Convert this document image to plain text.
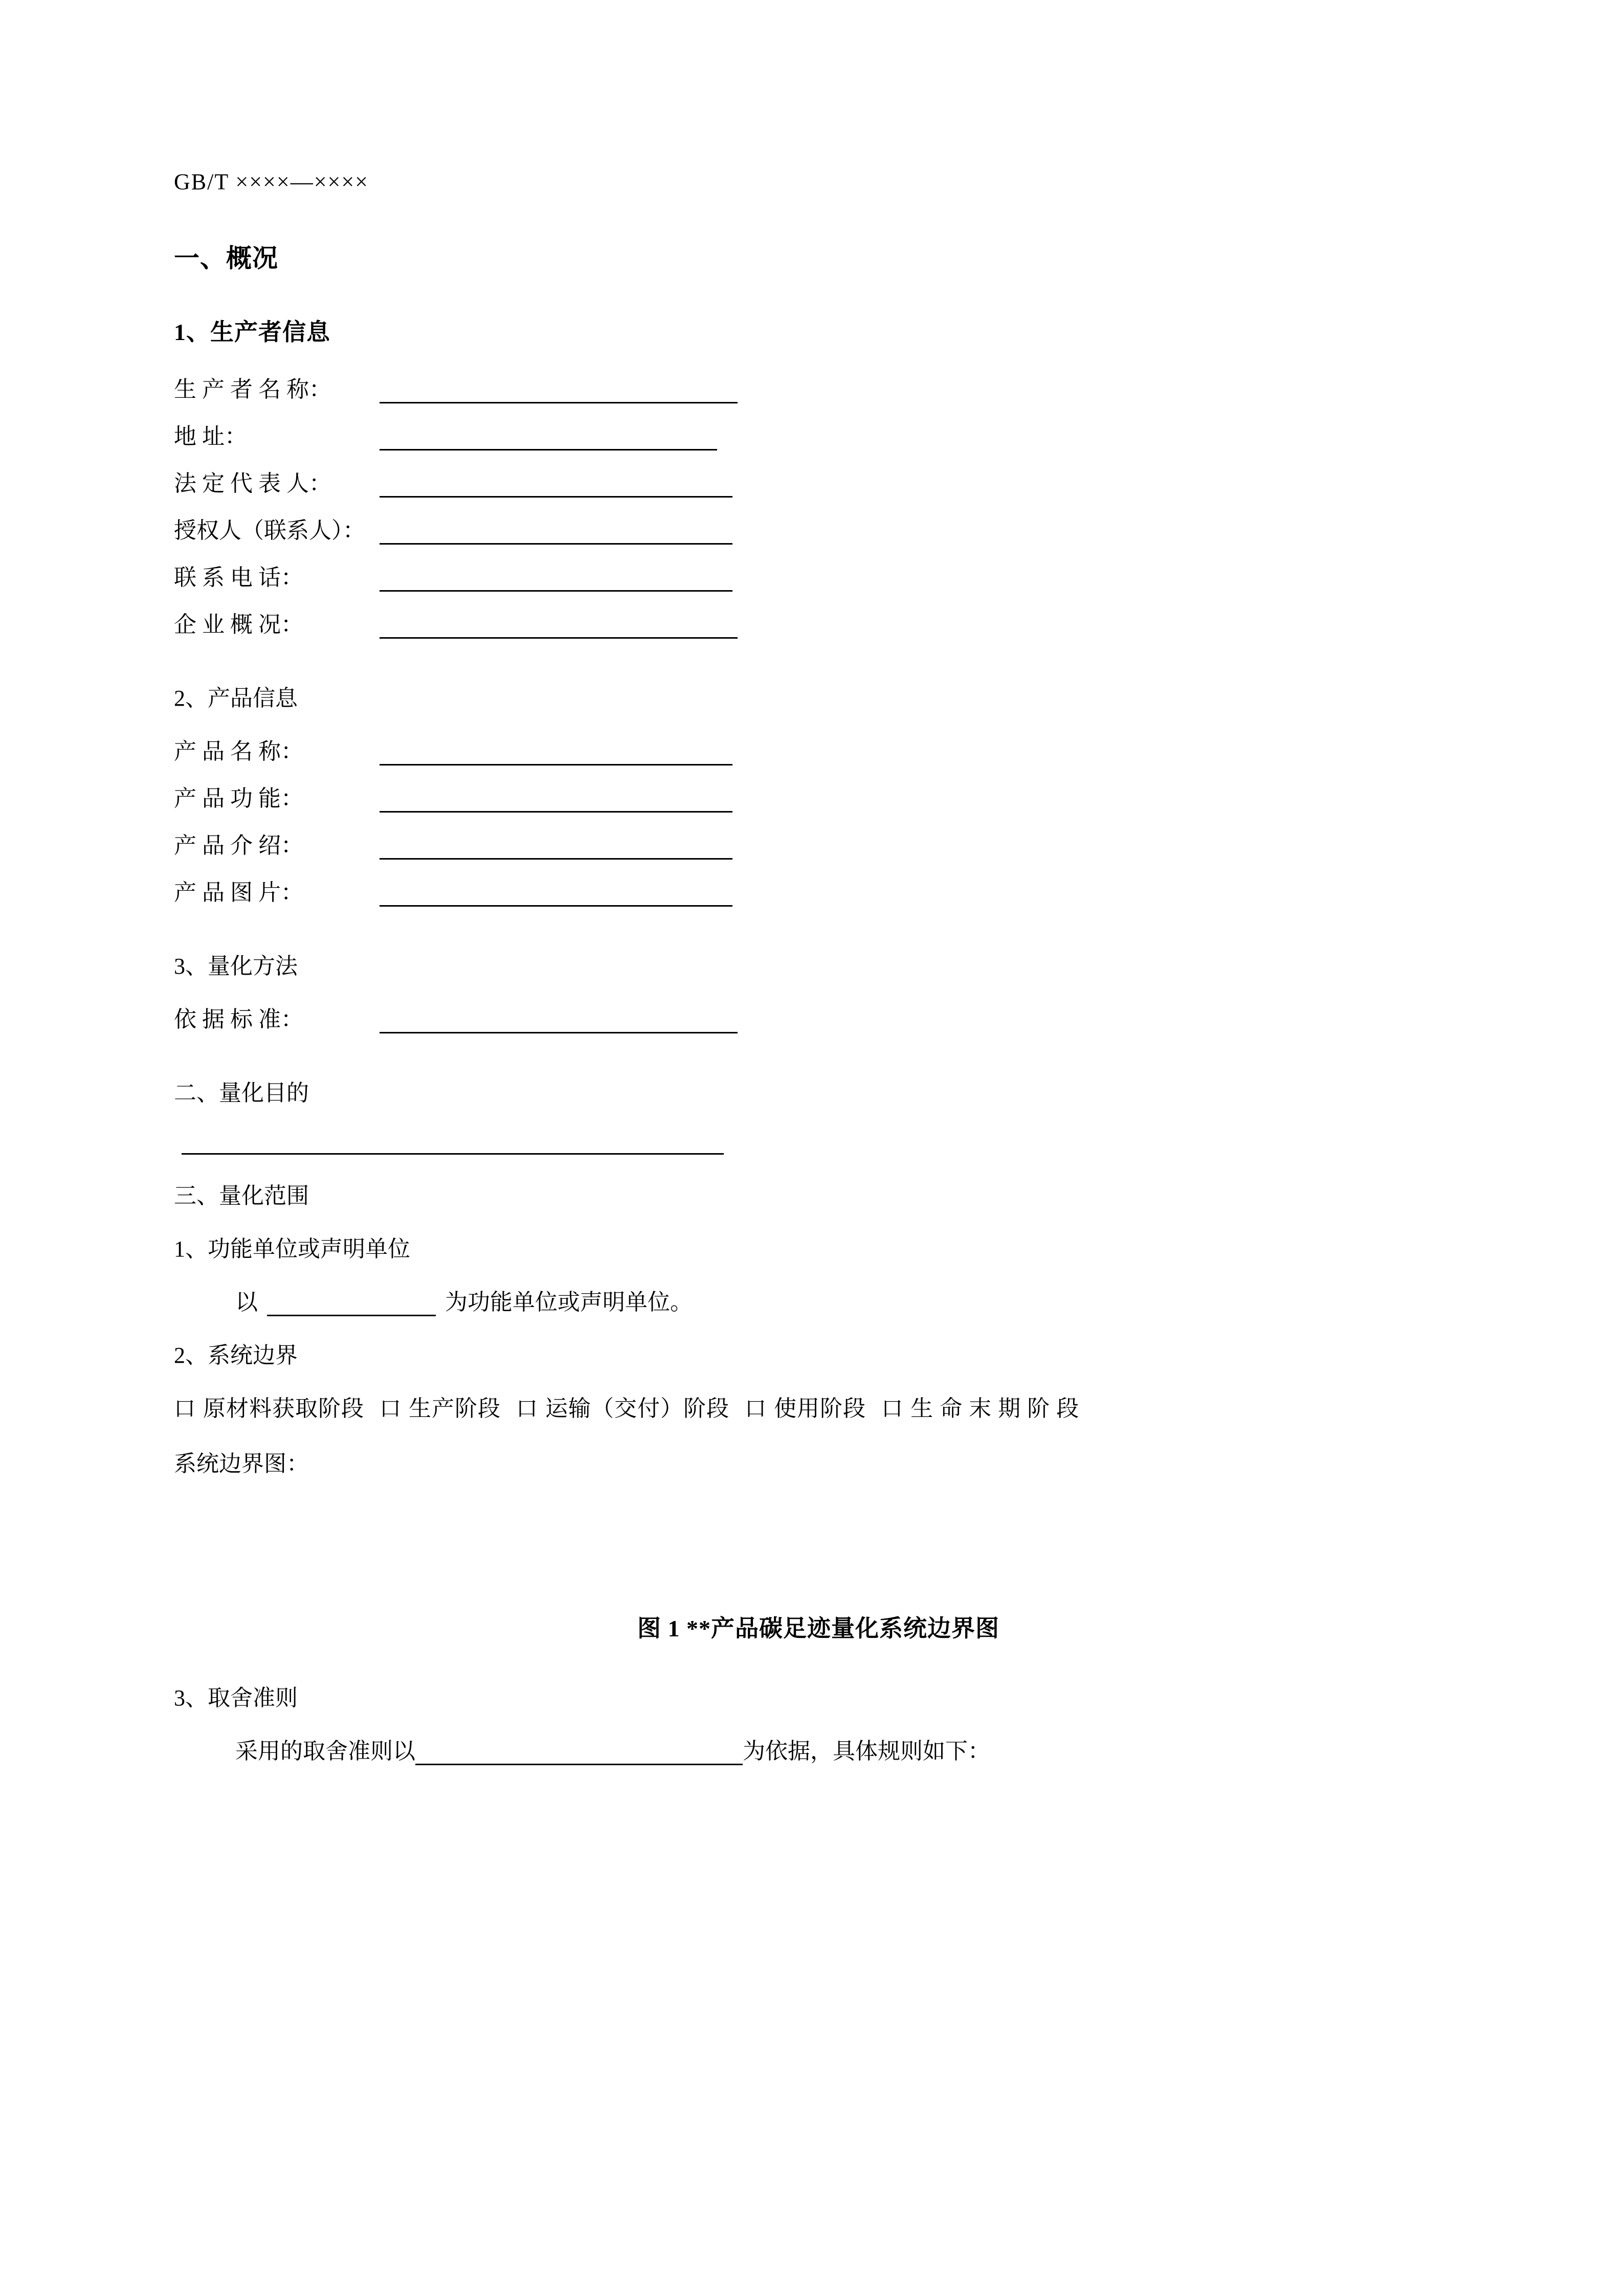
GB/T ××××—××××
一、概况
1、生产者信息
生 产 者 名 称：
地 址：
法 定 代 表 人：
授权人（联系人）：
联 系 电 话：
企 业 概 况：
2、产品信息
产 品 名 称：
产 品 功 能：
产 品 介 绍：
产 品 图 片：
3、量化方法
依 据 标 准：
二、量化目的
三、量化范围
1、功能单位或声明单位
以	为功能单位或声明单位。
2、系统边界
口 原材料获取阶段 口 生产阶段 口 运输（交付）阶段 口 使用阶段 口 生 命 末 期 阶 段
系统边界图：
图 1 **产品碳足迹量化系统边界图
3、取舍准则
采用的取舍准则以	为依据，具体规则如下：
